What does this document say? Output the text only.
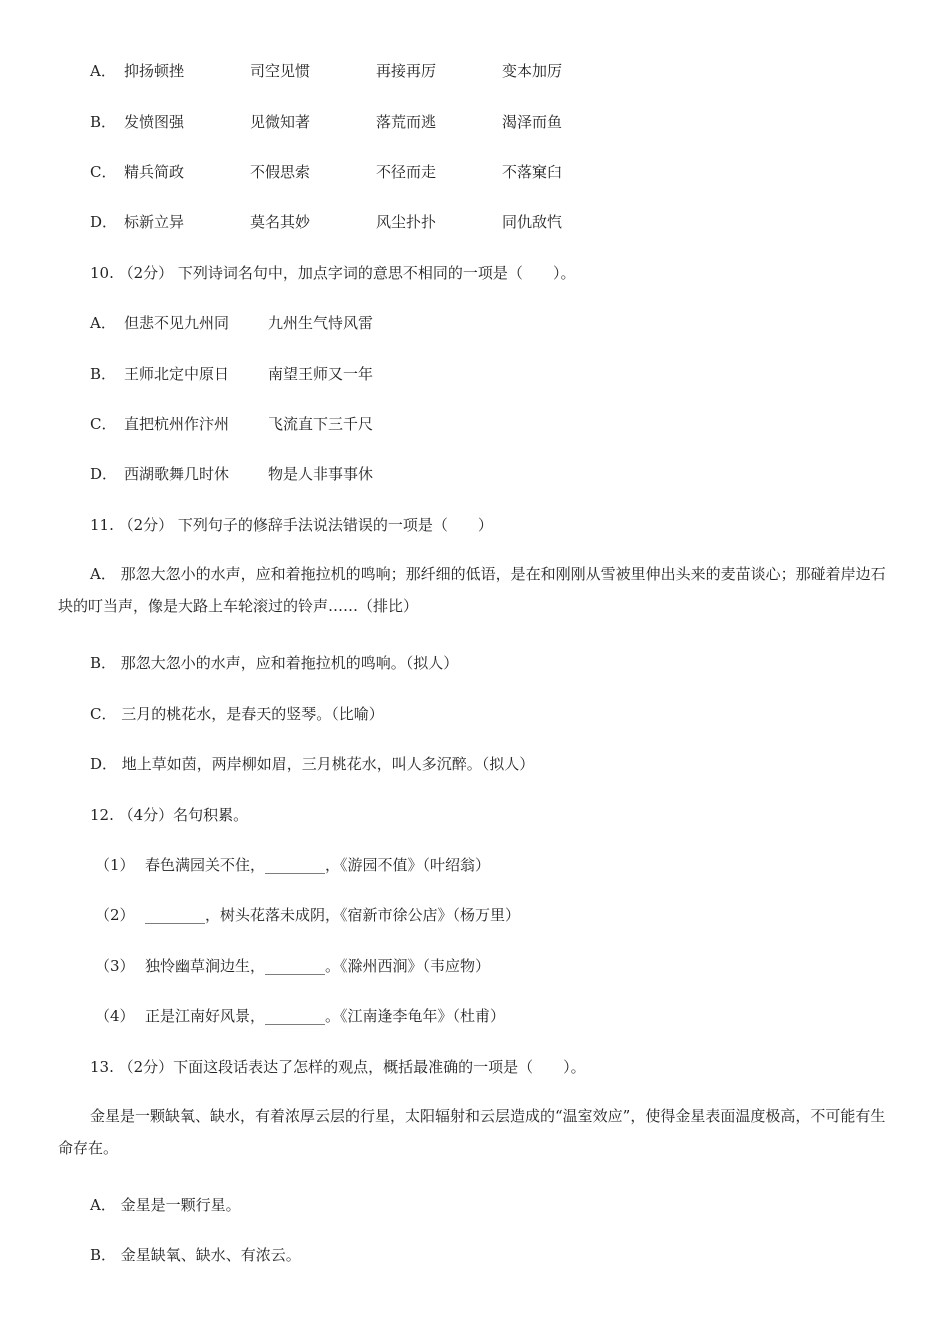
A． 抑扬顿挫	司空见惯	再接再厉	变本加厉
B． 发愤图强	见微知著	落荒而逃	渴泽而鱼
C． 精兵简政	不假思索	不径而走	不落窠臼
D． 标新立异	莫名其妙	风尘扑扑	同仇敌忾
10. （2分） 下列诗词名句中，加点字词的意思不相同的一项是（　　）。
A． 但悲不见九州同	九州生气恃风雷
B． 王师北定中原日	南望王师又一年
C． 直把杭州作汴州	飞流直下三千尺
D． 西湖歌舞几时休	物是人非事事休
11. （2分） 下列句子的修辞手法说法错误的一项是（　　）
A． 那忽大忽小的水声，应和着拖拉机的鸣响；那纤细的低语，是在和刚刚从雪被里伸出头来的麦苗谈心；那碰着岸边石块的叮当声，像是大路上车轮滚过的铃声……（排比）
B． 那忽大忽小的水声，应和着拖拉机的鸣响。（拟人）
C． 三月的桃花水，是春天的竖琴。（比喻）
D． 地上草如茵，两岸柳如眉，三月桃花水，叫人多沉醉。（拟人）
12. （4分）名句积累。
（1） 春色满园关不住，________，《游园不值》（叶绍翁）
（2） ________，树头花落未成阴，《宿新市徐公店》（杨万里）
（3） 独怜幽草涧边生，________。《滁州西涧》（韦应物）
（4） 正是江南好风景，________。《江南逢李龟年》（杜甫）
13. （2分）下面这段话表达了怎样的观点，概括最准确的一项是（　　）。
金星是一颗缺氧、缺水，有着浓厚云层的行星，太阳辐射和云层造成的“温室效应”，使得金星表面温度极高，不可能有生命存在。
A． 金星是一颗行星。
B． 金星缺氧、缺水、有浓云。
